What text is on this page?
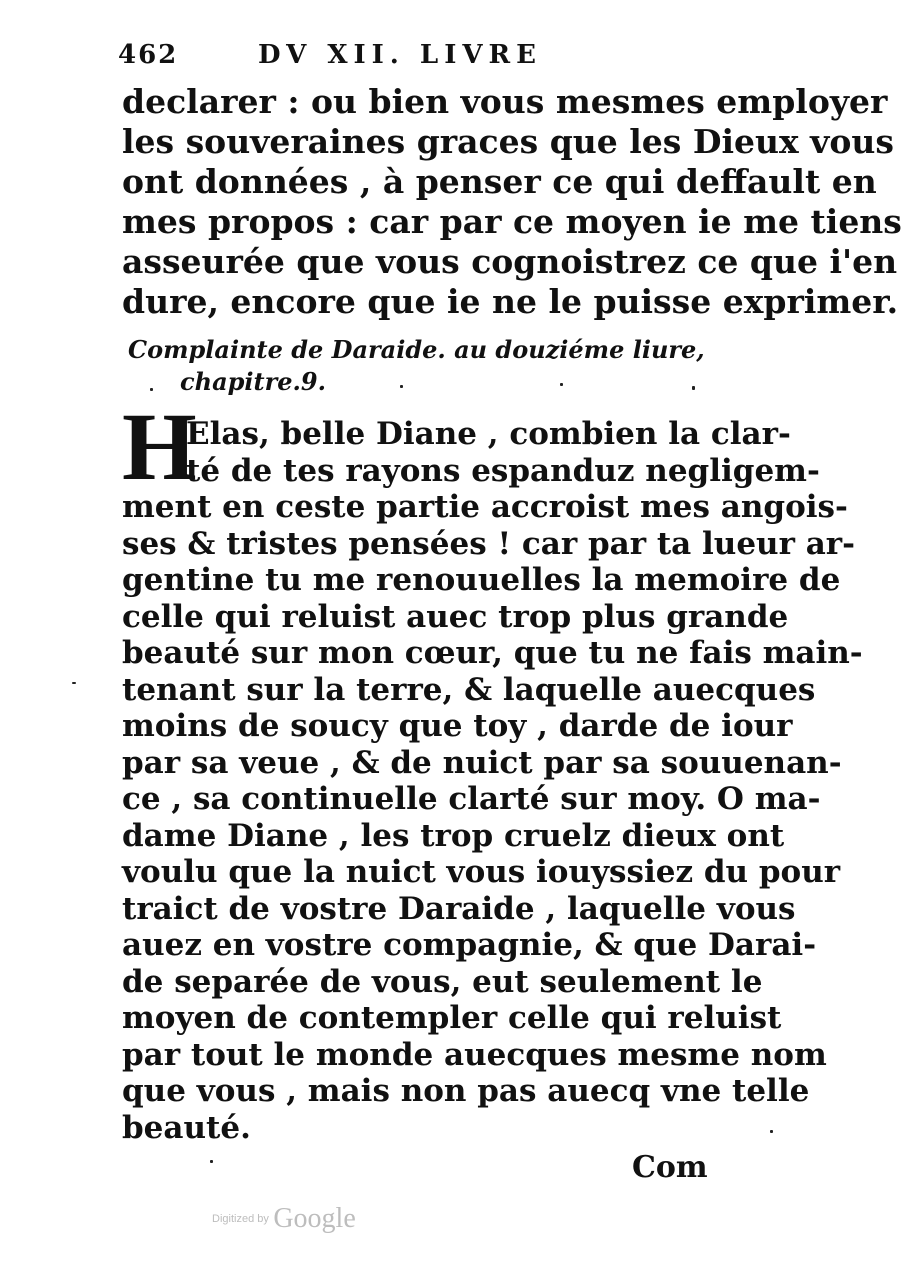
462	DV XII. LIVRE
declarer : ou bien vous mesmes employer
les souveraines graces que les Dieux vous
ont données , à penser ce qui deffault en
mes propos : car par ce moyen ie me tiens
asseurée que vous cognoistrez ce que i'en
dure, encore que ie ne le puisse exprimer.
Complainte de Daraide. au douziéme liure,
chapitre.9.
H
Elas, belle Diane , combien la clar-
té de tes rayons espanduz negligem-
ment en ceste partie accroist mes angois-
ses & tristes pensées ! car par ta lueur ar-
gentine tu me renouuelles la memoire de
celle qui reluist auec trop plus grande
beauté sur mon cœur, que tu ne fais main-
tenant sur la terre, & laquelle auecques
moins de soucy que toy , darde de iour
par sa veue , & de nuict par sa souuenan-
ce , sa continuelle clarté sur moy. O ma-
dame Diane , les trop cruelz dieux ont
voulu que la nuict vous iouyssiez du pour
traict de vostre Daraide , laquelle vous
auez en vostre compagnie, & que Darai-
de separée de vous, eut seulement le
moyen de contempler celle qui reluist
par tout le monde auecques mesme nom
que vous , mais non pas auecq vne telle
beauté.
Com
Digitized by Google
